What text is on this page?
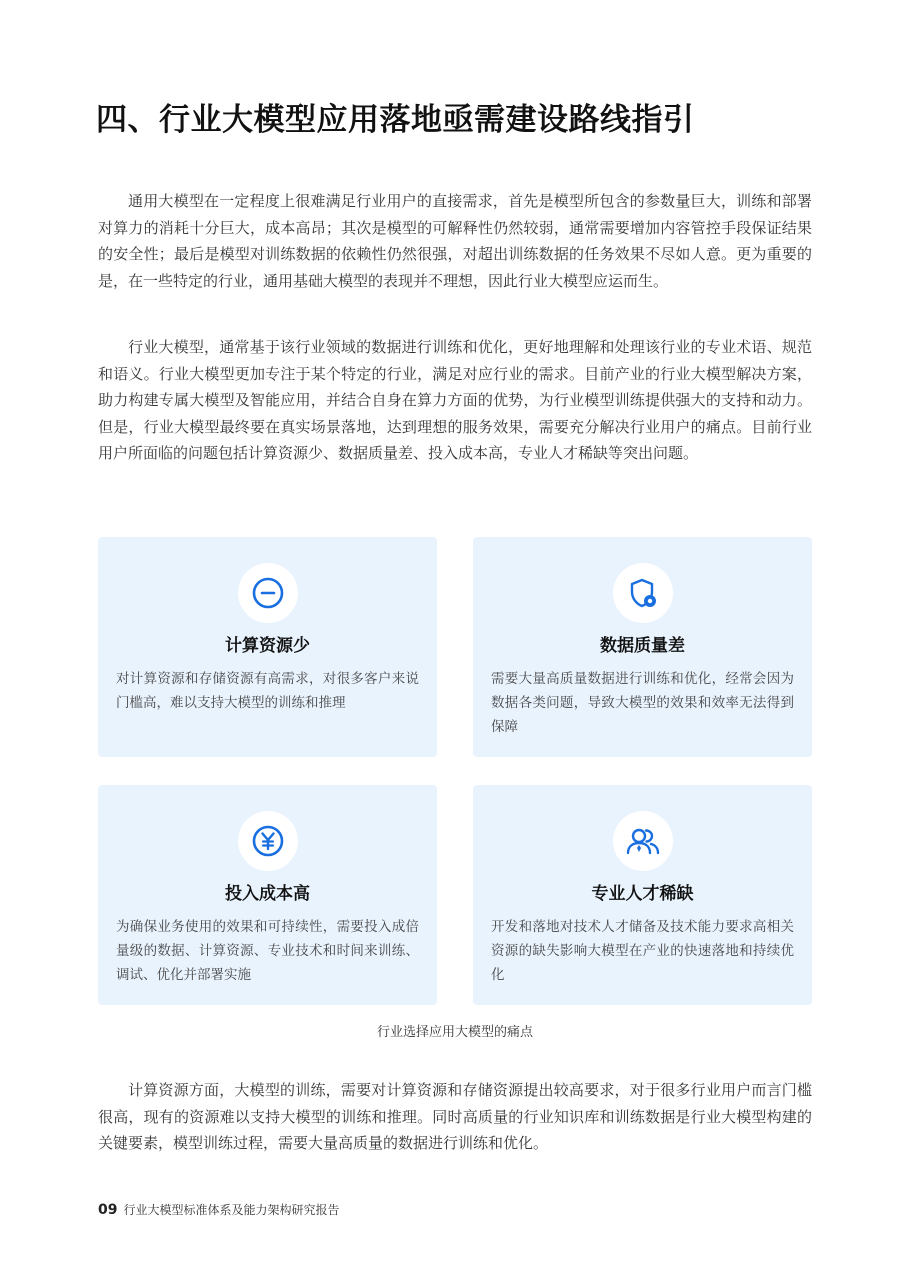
四、行业大模型应用落地亟需建设路线指引

通用大模型在一定程度上很难满足行业用户的直接需求，首先是模型所包含的参数量巨大，训练和部署对算力的消耗十分巨大，成本高昂；其次是模型的可解释性仍然较弱，通常需要增加内容管控手段保证结果的安全性；最后是模型对训练数据的依赖性仍然很强，对超出训练数据的任务效果不尽如人意。更为重要的是，在一些特定的行业，通用基础大模型的表现并不理想，因此行业大模型应运而生。

行业大模型，通常基于该行业领域的数据进行训练和优化，更好地理解和处理该行业的专业术语、规范和语义。行业大模型更加专注于某个特定的行业，满足对应行业的需求。目前产业的行业大模型解决方案，助力构建专属大模型及智能应用，并结合自身在算力方面的优势，为行业模型训练提供强大的支持和动力。但是，行业大模型最终要在真实场景落地，达到理想的服务效果，需要充分解决行业用户的痛点。目前行业用户所面临的问题包括计算资源少、数据质量差、投入成本高，专业人才稀缺等突出问题。

计算资源少

对计算资源和存储资源有高需求，对很多客户来说门槛高，难以支持大模型的训练和推理

数据质量差

需要大量高质量数据进行训练和优化，经常会因为数据各类问题，导致大模型的效果和效率无法得到保障

投入成本高

为确保业务使用的效果和可持续性，需要投入成倍量级的数据、计算资源、专业技术和时间来训练、调试、优化并部署实施

专业人才稀缺

开发和落地对技术人才储备及技术能力要求高相关资源的缺失影响大模型在产业的快速落地和持续优化

行业选择应用大模型的痛点

计算资源方面，大模型的训练，需要对计算资源和存储资源提出较高要求，对于很多行业用户而言门槛很高，现有的资源难以支持大模型的训练和推理。同时高质量的行业知识库和训练数据是行业大模型构建的关键要素，模型训练过程，需要大量高质量的数据进行训练和优化。

09 行业大模型标准体系及能力架构研究报告
